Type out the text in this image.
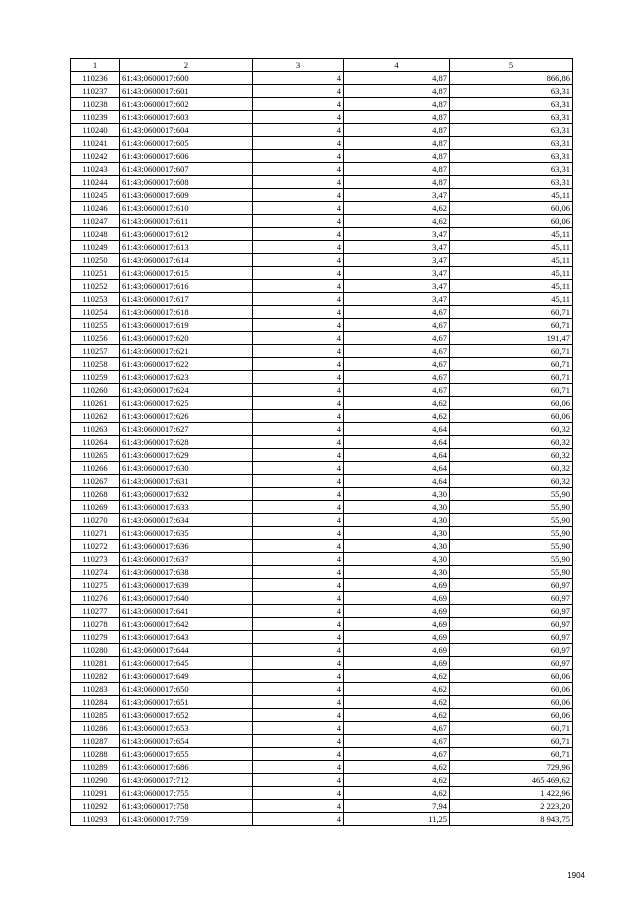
1	2	3	4	5
110236	61:43:0600017:600	4	4,87	866,86
110237	61:43:0600017:601	4	4,87	63,31
110238	61:43:0600017:602	4	4,87	63,31
110239	61:43:0600017:603	4	4,87	63,31
110240	61:43:0600017:604	4	4,87	63,31
110241	61:43:0600017:605	4	4,87	63,31
110242	61:43:0600017:606	4	4,87	63,31
110243	61:43:0600017:607	4	4,87	63,31
110244	61:43:0600017:608	4	4,87	63,31
110245	61:43:0600017:609	4	3,47	45,11
110246	61:43:0600017:610	4	4,62	60,06
110247	61:43:0600017:611	4	4,62	60,06
110248	61:43:0600017:612	4	3,47	45,11
110249	61:43:0600017:613	4	3,47	45,11
110250	61:43:0600017:614	4	3,47	45,11
110251	61:43:0600017:615	4	3,47	45,11
110252	61:43:0600017:616	4	3,47	45,11
110253	61:43:0600017:617	4	3,47	45,11
110254	61:43:0600017:618	4	4,67	60,71
110255	61:43:0600017:619	4	4,67	60,71
110256	61:43:0600017:620	4	4,67	191,47
110257	61:43:0600017:621	4	4,67	60,71
110258	61:43:0600017:622	4	4,67	60,71
110259	61:43:0600017:623	4	4,67	60,71
110260	61:43:0600017:624	4	4,67	60,71
110261	61:43:0600017:625	4	4,62	60,06
110262	61:43:0600017:626	4	4,62	60,06
110263	61:43:0600017:627	4	4,64	60,32
110264	61:43:0600017:628	4	4,64	60,32
110265	61:43:0600017:629	4	4,64	60,32
110266	61:43:0600017:630	4	4,64	60,32
110267	61:43:0600017:631	4	4,64	60,32
110268	61:43:0600017:632	4	4,30	55,90
110269	61:43:0600017:633	4	4,30	55,90
110270	61:43:0600017:634	4	4,30	55,90
110271	61:43:0600017:635	4	4,30	55,90
110272	61:43:0600017:636	4	4,30	55,90
110273	61:43:0600017:637	4	4,30	55,90
110274	61:43:0600017:638	4	4,30	55,90
110275	61:43:0600017:639	4	4,69	60,97
110276	61:43:0600017:640	4	4,69	60,97
110277	61:43:0600017:641	4	4,69	60,97
110278	61:43:0600017:642	4	4,69	60,97
110279	61:43:0600017:643	4	4,69	60,97
110280	61:43:0600017:644	4	4,69	60,97
110281	61:43:0600017:645	4	4,69	60,97
110282	61:43:0600017:649	4	4,62	60,06
110283	61:43:0600017:650	4	4,62	60,06
110284	61:43:0600017:651	4	4,62	60,06
110285	61:43:0600017:652	4	4,62	60,06
110286	61:43:0600017:653	4	4,67	60,71
110287	61:43:0600017:654	4	4,67	60,71
110288	61:43:0600017:655	4	4,67	60,71
110289	61:43:0600017:686	4	4,62	729,96
110290	61:43:0600017:712	4	4,62	465 469,62
110291	61:43:0600017:755	4	4,62	1 422,96
110292	61:43:0600017:758	4	7,94	2 223,20
110293	61:43:0600017:759	4	11,25	8 943,75
1904
